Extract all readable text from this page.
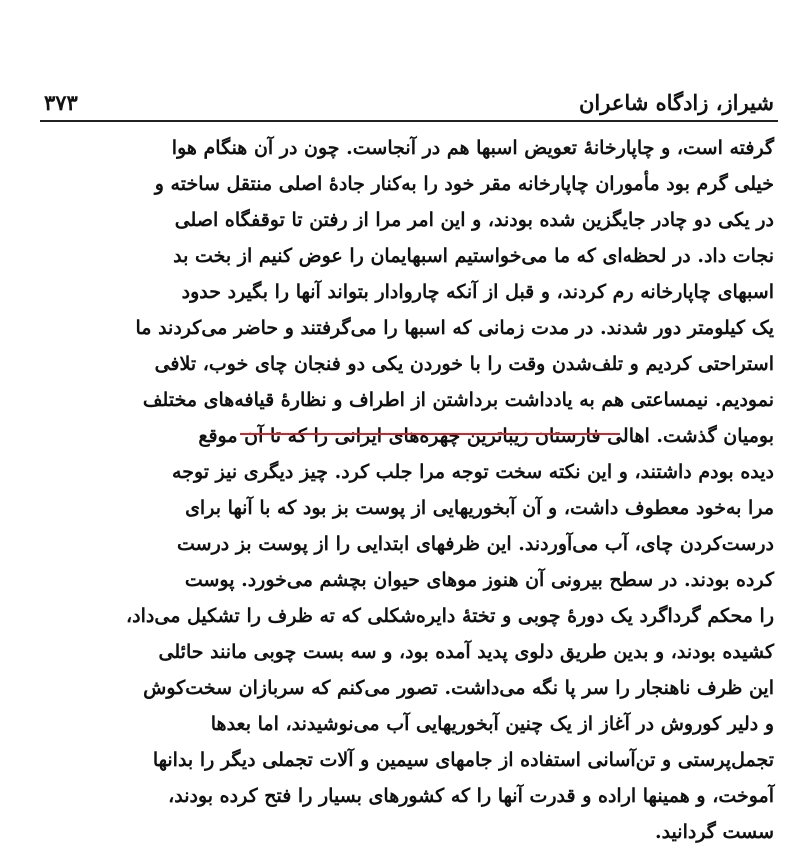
شیراز، زادگاه شاعران
۳۷۳
گرفته است، و چاپارخانهٔ تعویض اسبها هم در آنجاست. چون در آن هنگام هوا
خیلی گرم بود مأموران چاپارخانه مقر خود را به‌کنار جادهٔ اصلی منتقل ساخته و
در یکی دو چادر جایگزین شده بودند، و این امر مرا از رفتن تا توقفگاه اصلی
نجات داد. در لحظه‌ای که ما می‌خواستیم اسبهایمان را عوض کنیم از بخت بد
اسبهای چاپارخانه رم کردند، و قبل از آنکه چاروادار بتواند آنها را بگیرد حدود
یک کیلومتر دور شدند. در مدت زمانی که اسبها را می‌گرفتند و حاضر می‌کردند ما
استراحتی کردیم و تلف‌شدن وقت را با خوردن یکی دو فنجان چای خوب، تلافی
نمودیم. نیمساعتی هم به یادداشت برداشتن از اطراف و نظارهٔ قیافه‌های مختلف
بومیان گذشت. اهالی فارستان زیباترین چهره‌های ایرانی را که تا آن موقع
دیده بودم داشتند، و این نکته سخت توجه مرا جلب کرد. چیز دیگری نیز توجه
مرا به‌خود معطوف داشت، و آن آبخوریهایی از پوست بز بود که با آنها برای
درست‌کردن چای، آب می‌آوردند. این ظرفهای ابتدایی را از پوست بز درست
کرده بودند. در سطح بیرونی آن هنوز موهای حیوان بچشم می‌خورد. پوست
را محکم گرداگرد یک دورهٔ چوبی و تختهٔ دایره‌شکلی که ته ظرف را تشکیل می‌داد،
کشیده بودند، و بدین طریق دلوی پدید آمده بود، و سه بست چوبی مانند حائلی
این ظرف ناهنجار را سر پا نگه می‌داشت. تصور می‌کنم که سربازان سخت‌کوش
و دلیر کوروش در آغاز از یک چنین آبخوریهایی آب می‌نوشیدند، اما بعدها
تجمل‌پرستی و تن‌آسانی استفاده از جامهای سیمین و آلات تجملی دیگر را بدانها
آموخت، و همینها اراده و قدرت آنها را که کشورهای بسیار را فتح کرده بودند،
سست گردانید.
